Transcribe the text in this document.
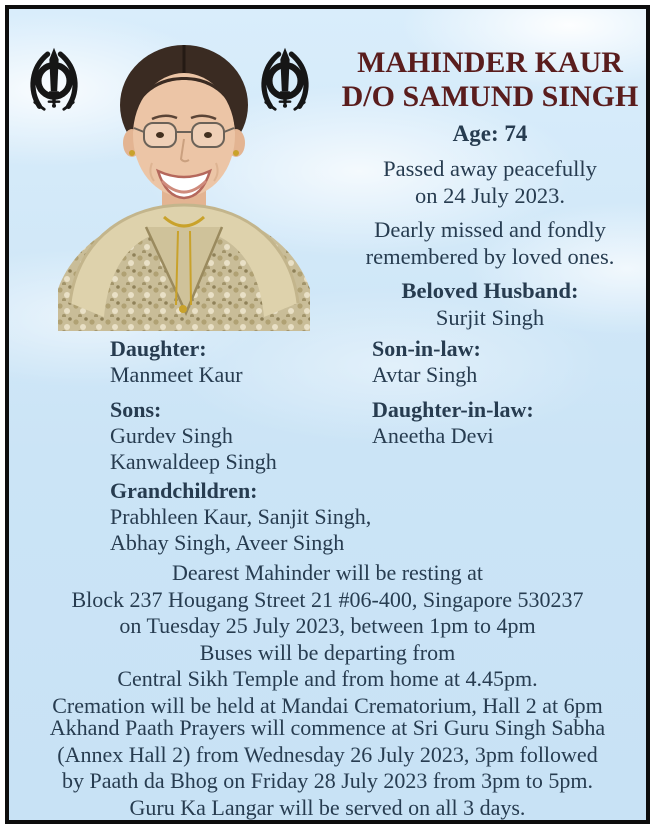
MAHINDER KAUR
D/O SAMUND SINGH
Age: 74
Passed away peacefully
on 24 July 2023.
Dearly missed and fondly
remembered by loved ones.
Beloved Husband:
Surjit Singh
Daughter:
Manmeet Kaur
Sons:
Gurdev Singh
Kanwaldeep Singh
Son-in-law:
Avtar Singh
Daughter-in-law:
Aneetha Devi
Grandchildren:
Prabhleen Kaur, Sanjit Singh,
Abhay Singh, Aveer Singh
Dearest Mahinder will be resting at
Block 237 Hougang Street 21 #06-400, Singapore 530237
on Tuesday 25 July 2023, between 1pm to 4pm
Buses will be departing from
Central Sikh Temple and from home at 4.45pm.
Cremation will be held at Mandai Crematorium, Hall 2 at 6pm
Akhand Paath Prayers will commence at Sri Guru Singh Sabha
(Annex Hall 2) from Wednesday 26 July 2023, 3pm followed
by Paath da Bhog on Friday 28 July 2023 from 3pm to 5pm.
Guru Ka Langar will be served on all 3 days.
